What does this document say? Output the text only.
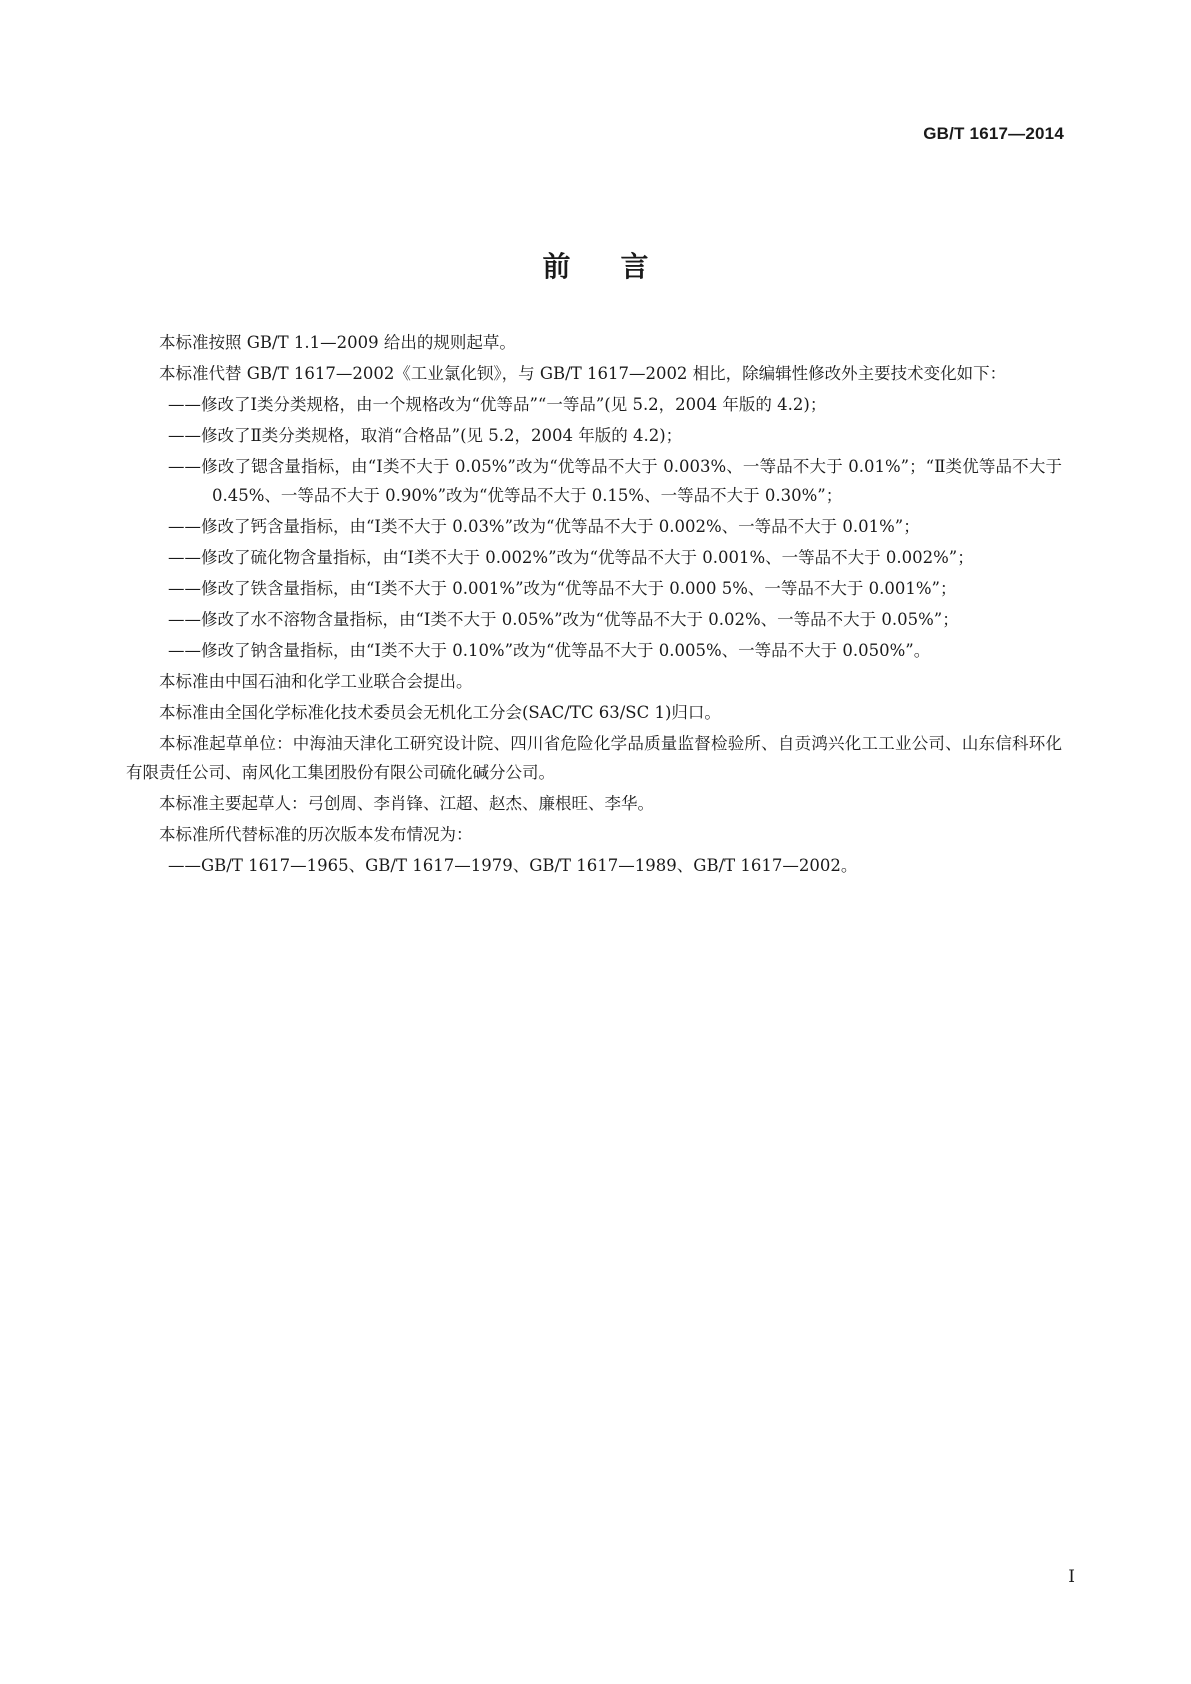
GB/T 1617—2014
前言

本标准按照 GB/T 1.1—2009 给出的规则起草。

本标准代替 GB/T 1617—2002《工业氯化钡》，与 GB/T 1617—2002 相比，除编辑性修改外主要技术变化如下：

——修改了Ⅰ类分类规格，由一个规格改为“优等品”“一等品”(见 5.2，2004 年版的 4.2)；

——修改了Ⅱ类分类规格，取消“合格品”(见 5.2，2004 年版的 4.2)；

——修改了锶含量指标，由“Ⅰ类不大于 0.05%”改为“优等品不大于 0.003%、一等品不大于 0.01%”；“Ⅱ类优等品不大于 0.45%、一等品不大于 0.90%”改为“优等品不大于 0.15%、一等品不大于 0.30%”；

——修改了钙含量指标，由“Ⅰ类不大于 0.03%”改为“优等品不大于 0.002%、一等品不大于 0.01%”；

——修改了硫化物含量指标，由“Ⅰ类不大于 0.002%”改为“优等品不大于 0.001%、一等品不大于 0.002%”；

——修改了铁含量指标，由“Ⅰ类不大于 0.001%”改为“优等品不大于 0.000 5%、一等品不大于 0.001%”；

——修改了水不溶物含量指标，由“Ⅰ类不大于 0.05%”改为“优等品不大于 0.02%、一等品不大于 0.05%”；

——修改了钠含量指标，由“Ⅰ类不大于 0.10%”改为“优等品不大于 0.005%、一等品不大于 0.050%”。

本标准由中国石油和化学工业联合会提出。

本标准由全国化学标准化技术委员会无机化工分会(SAC/TC 63/SC 1)归口。

本标准起草单位：中海油天津化工研究设计院、四川省危险化学品质量监督检验所、自贡鸿兴化工工业公司、山东信科环化有限责任公司、南风化工集团股份有限公司硫化碱分公司。

本标准主要起草人：弓创周、李肖锋、江超、赵杰、廉根旺、李华。

本标准所代替标准的历次版本发布情况为：

——GB/T 1617—1965、GB/T 1617—1979、GB/T 1617—1989、GB/T 1617—2002。

I
